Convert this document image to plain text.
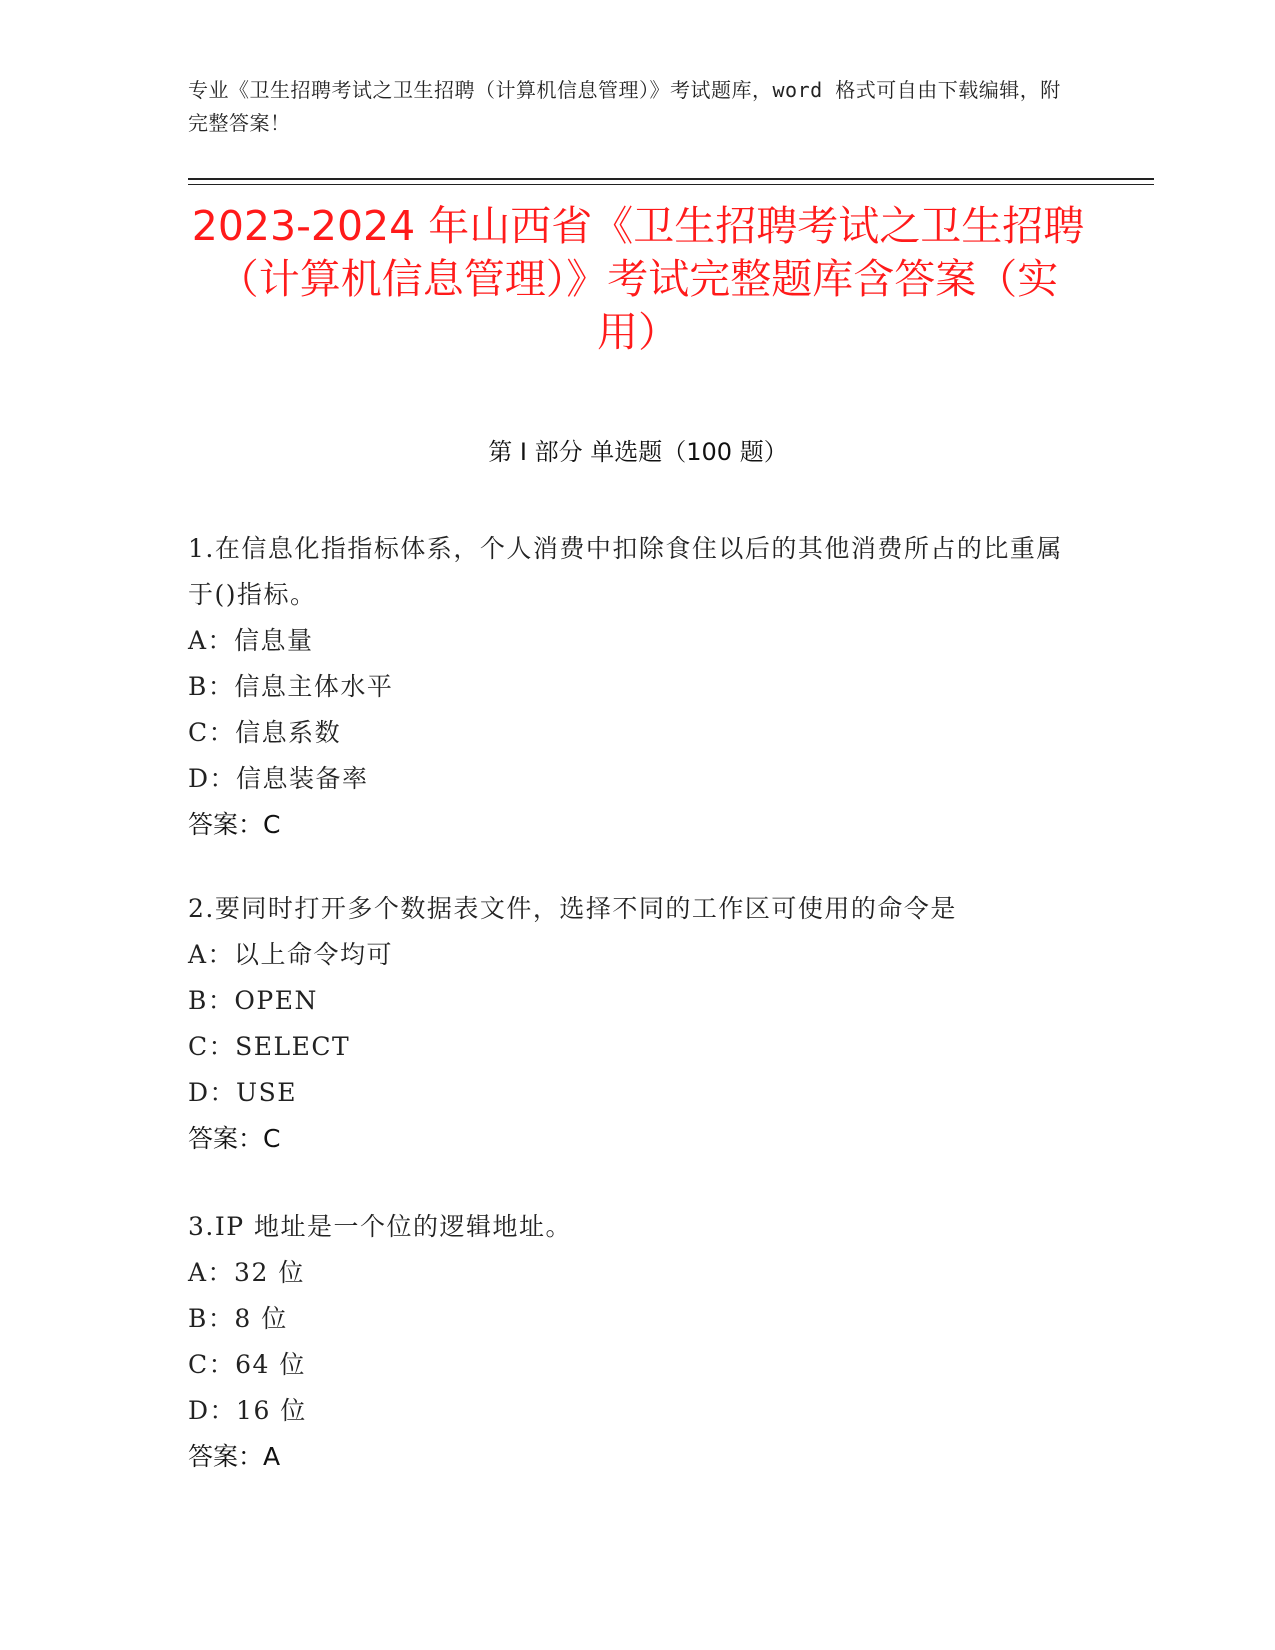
专业《卫生招聘考试之卫生招聘（计算机信息管理）》考试题库，word 格式可自由下载编辑，附完整答案！
2023-2024 年山西省《卫生招聘考试之卫生招聘（计算机信息管理）》考试完整题库含答案（实用）
第 I 部分 单选题（100 题）
1.在信息化指指标体系，个人消费中扣除食住以后的其他消费所占的比重属于()指标。
A：信息量
B：信息主体水平
C：信息系数
D：信息装备率
答案：C
2.要同时打开多个数据表文件，选择不同的工作区可使用的命令是
A：以上命令均可
B：OPEN
C：SELECT
D：USE
答案：C
3.IP 地址是一个位的逻辑地址。
A：32 位
B：8 位
C：64 位
D：16 位
答案：A
